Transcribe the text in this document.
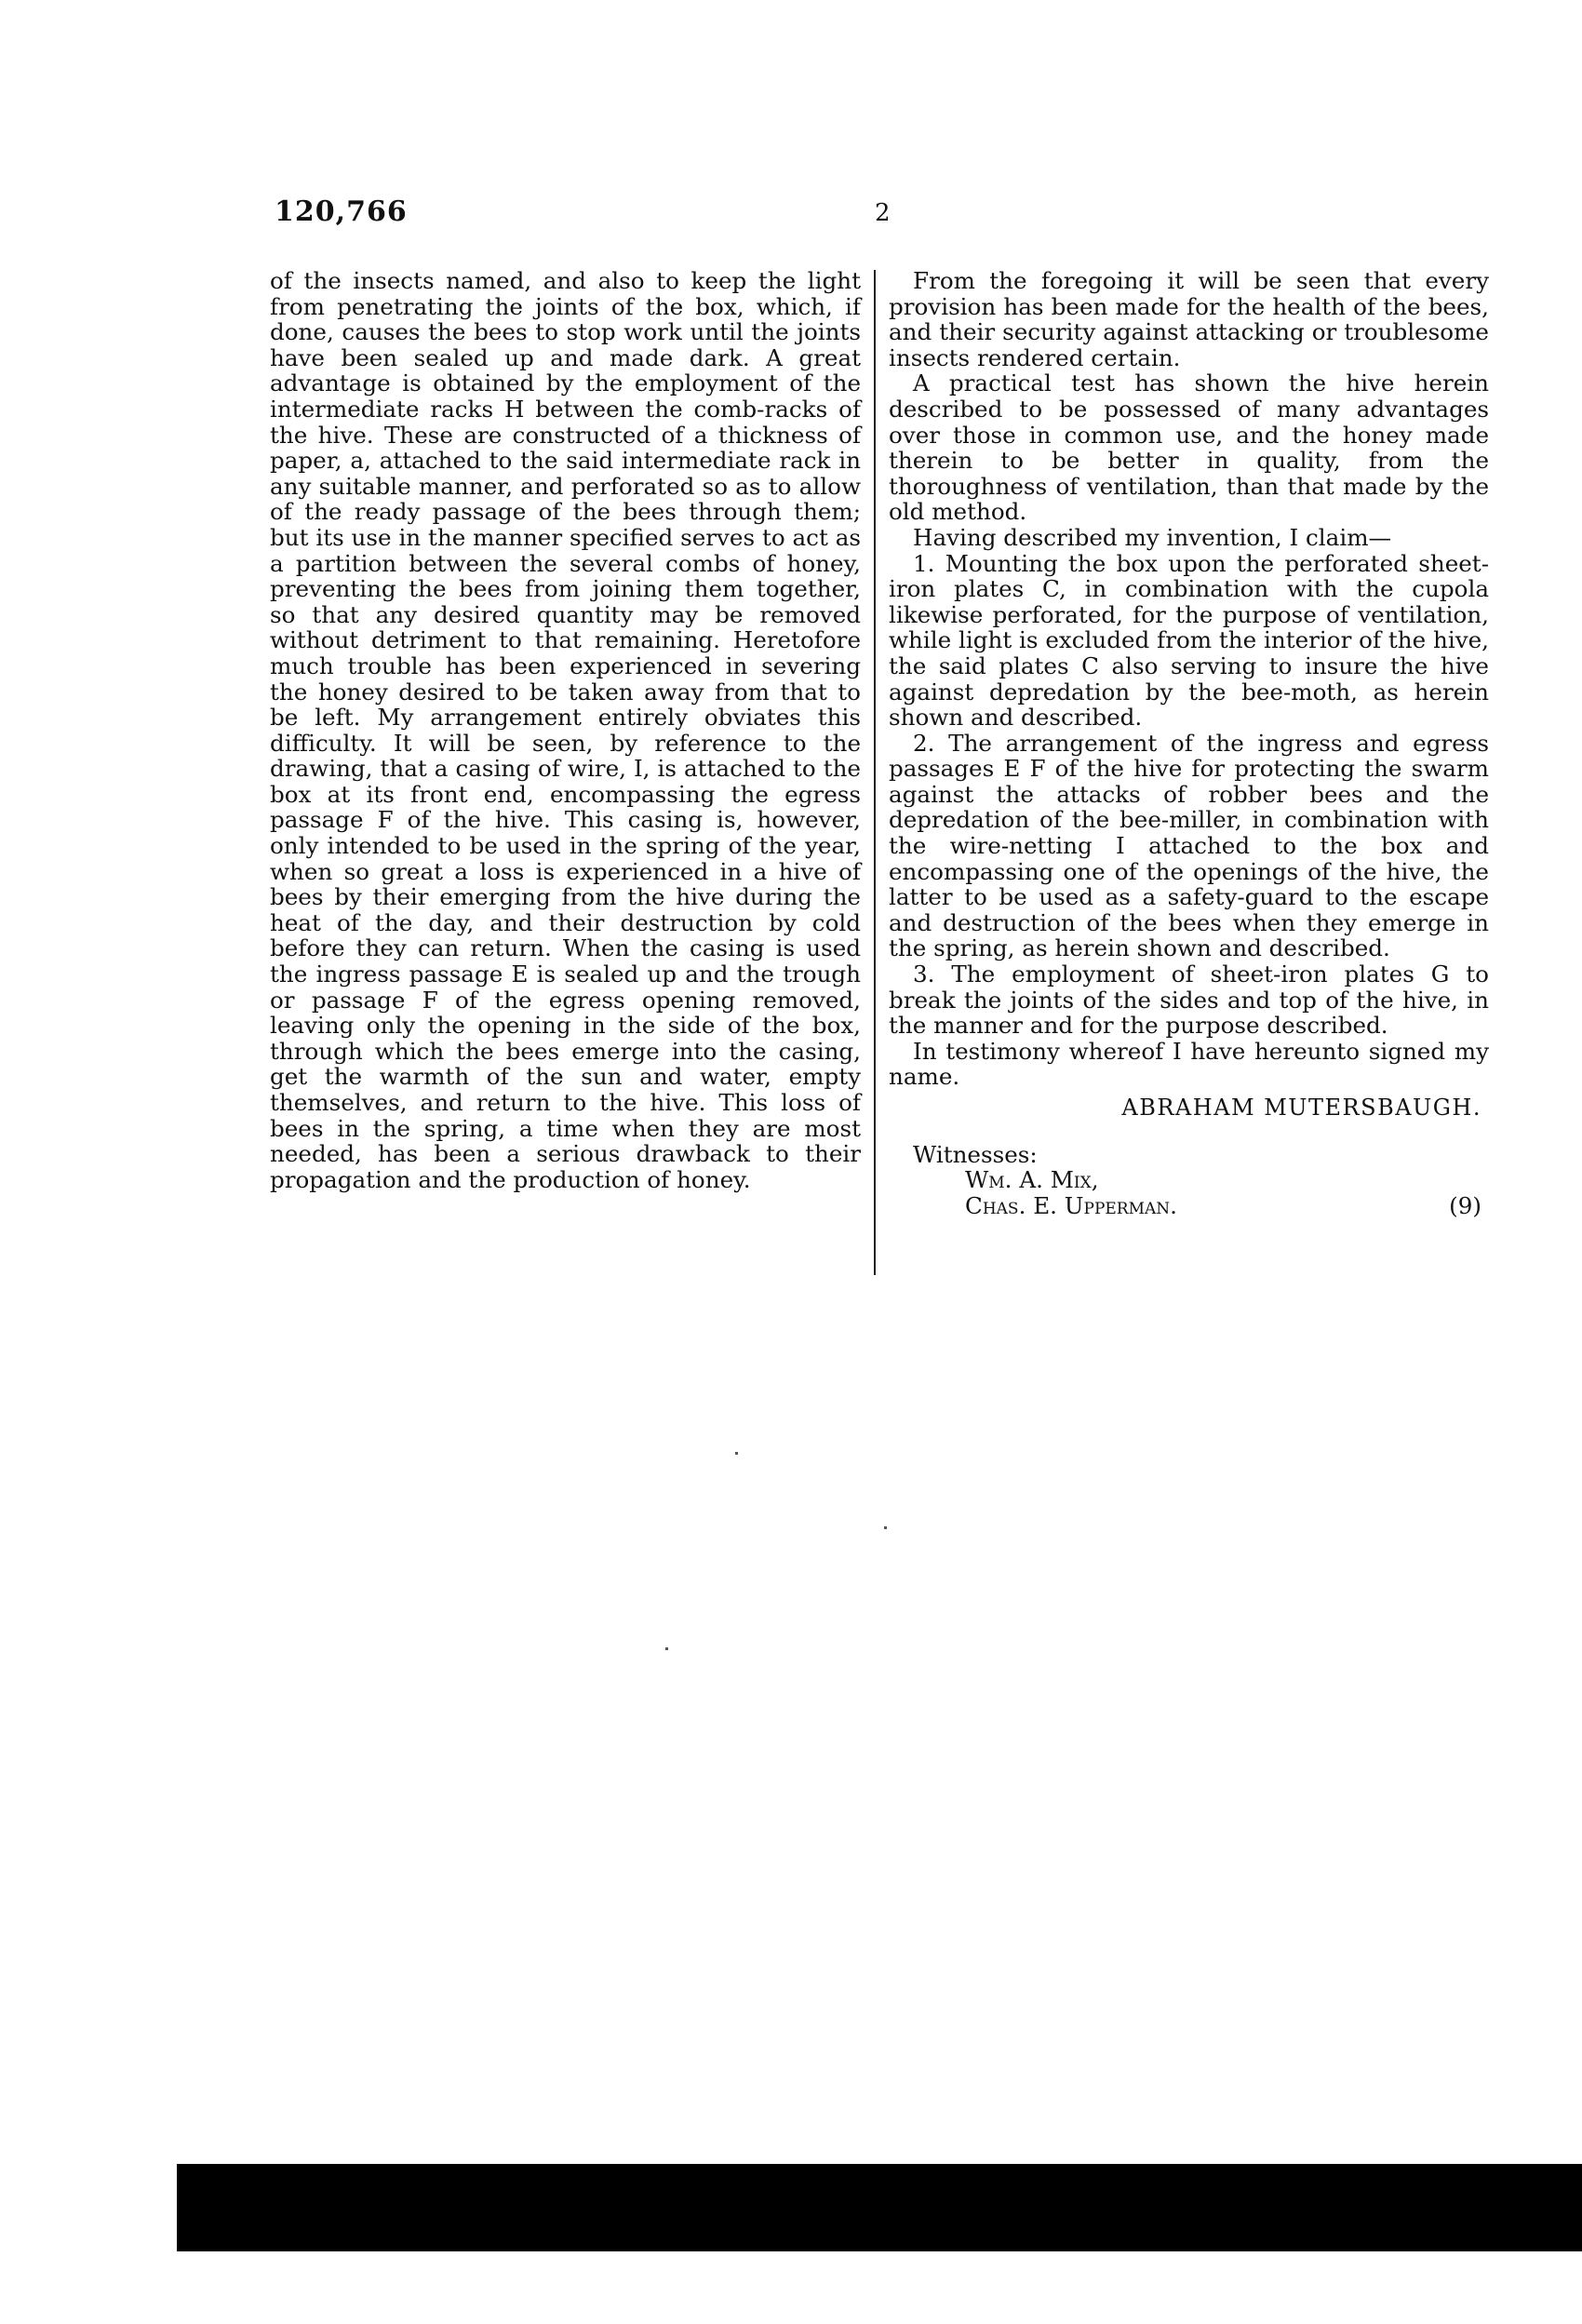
120,766	2

of the insects named, and also to keep the light from penetrating the joints of the box, which, if done, causes the bees to stop work until the joints have been sealed up and made dark. A great advantage is obtained by the employment of the intermediate racks H between the comb-racks of the hive. These are constructed of a thickness of paper, a, attached to the said intermediate rack in any suitable manner, and perforated so as to allow of the ready passage of the bees through them; but its use in the manner specified serves to act as a partition between the several combs of honey, preventing the bees from joining them together, so that any desired quantity may be removed without detriment to that remaining. Heretofore much trouble has been experienced in severing the honey desired to be taken away from that to be left. My arrangement entirely obviates this difficulty. It will be seen, by reference to the drawing, that a casing of wire, I, is attached to the box at its front end, encompassing the egress passage F of the hive. This casing is, however, only intended to be used in the spring of the year, when so great a loss is experienced in a hive of bees by their emerging from the hive during the heat of the day, and their destruction by cold before they can return. When the casing is used the ingress passage E is sealed up and the trough or passage F of the egress opening removed, leaving only the opening in the side of the box, through which the bees emerge into the casing, get the warmth of the sun and water, empty themselves, and return to the hive. This loss of bees in the spring, a time when they are most needed, has been a serious drawback to their propagation and the production of honey.

From the foregoing it will be seen that every provision has been made for the health of the bees, and their security against attacking or troublesome insects rendered certain.

A practical test has shown the hive herein described to be possessed of many advantages over those in common use, and the honey made therein to be better in quality, from the thoroughness of ventilation, than that made by the old method.

Having described my invention, I claim—

1. Mounting the box upon the perforated sheet-iron plates C, in combination with the cupola likewise perforated, for the purpose of ventilation, while light is excluded from the interior of the hive, the said plates C also serving to insure the hive against depredation by the bee-moth, as herein shown and described.

2. The arrangement of the ingress and egress passages E F of the hive for protecting the swarm against the attacks of robber bees and the depredation of the bee-miller, in combination with the wire-netting I attached to the box and encompassing one of the openings of the hive, the latter to be used as a safety-guard to the escape and destruction of the bees when they emerge in the spring, as herein shown and described.

3. The employment of sheet-iron plates G to break the joints of the sides and top of the hive, in the manner and for the purpose described.

In testimony whereof I have hereunto signed my name.

ABRAHAM MUTERSBAUGH.
Witnesses:
Wm. A. Mix,
Chas. E. Upperman.	(9)
